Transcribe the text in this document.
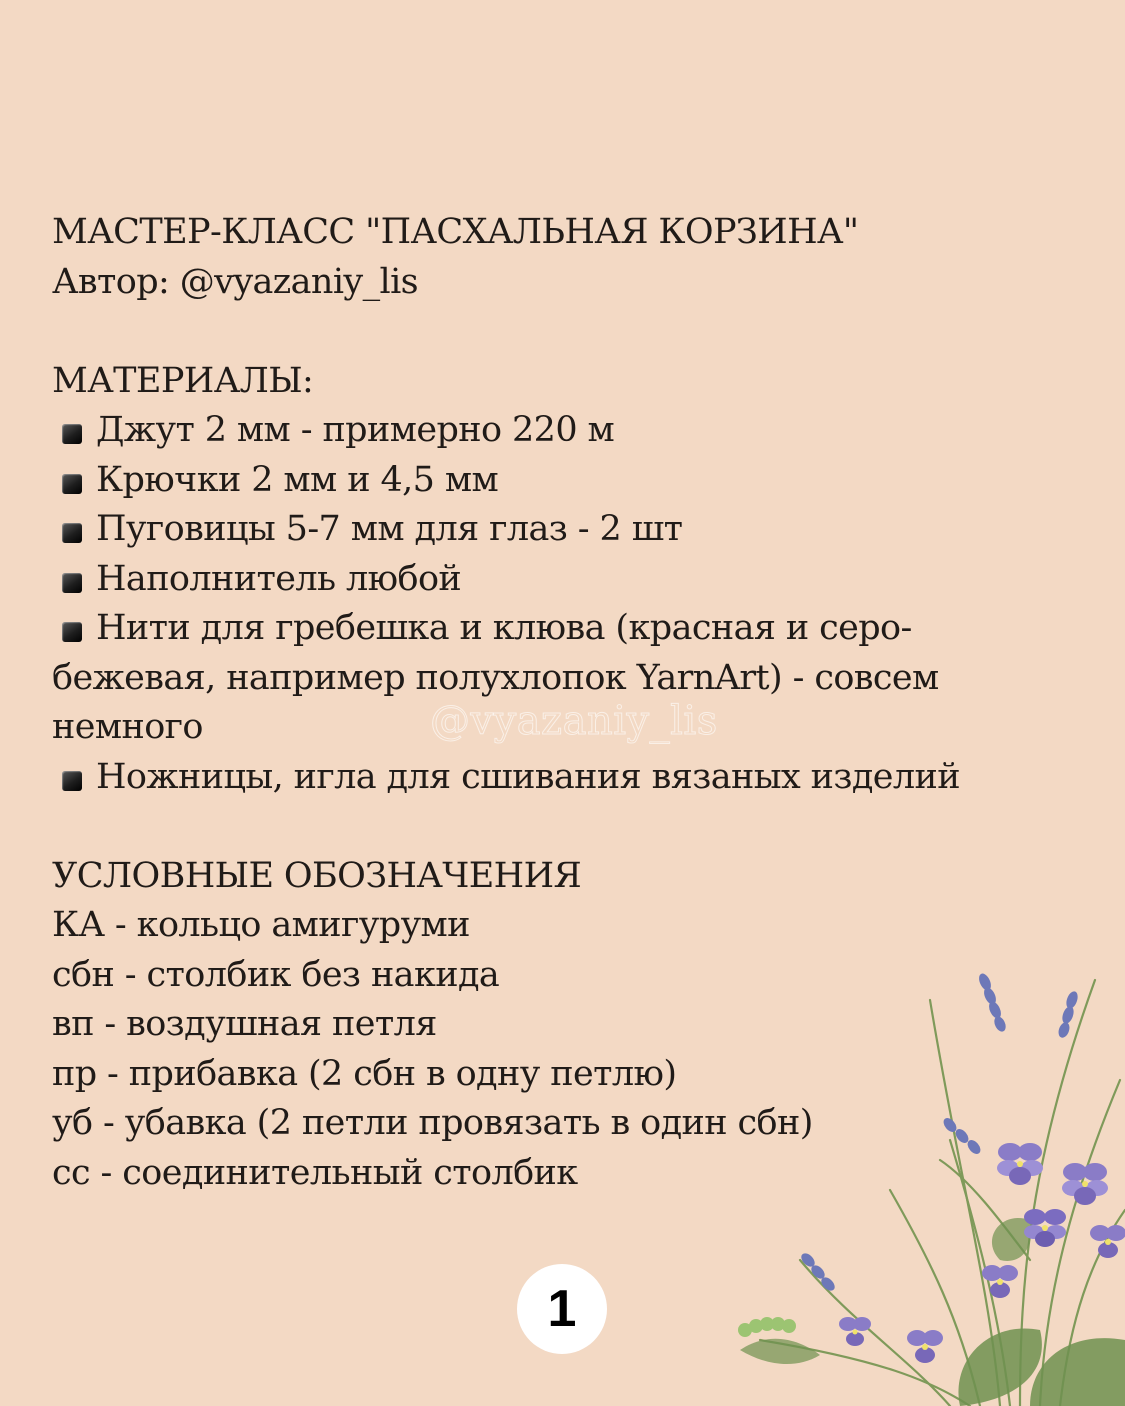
МАСТЕР-КЛАСС "ПАСХАЛЬНАЯ КОРЗИНА"
Автор: @vyazaniy_lis
МАТЕРИАЛЫ:
Джут 2 мм - примерно 220 м
Крючки 2 мм и 4,5 мм
Пуговицы 5-7 мм для глаз - 2 шт
Наполнитель любой
Нити для гребешка и клюва (красная и серо-
бежевая, например полухлопок YarnArt) - совсем
немного
Ножницы, игла для сшивания вязаных изделий
УСЛОВНЫЕ ОБОЗНАЧЕНИЯ
КА - кольцо амигуруми
сбн - столбик без накида
вп - воздушная петля
пр - прибавка (2 сбн в одну петлю)
уб - убавка (2 петли провязать в один сбн)
сс - соединительный столбик
@vyazaniy_lis
1
